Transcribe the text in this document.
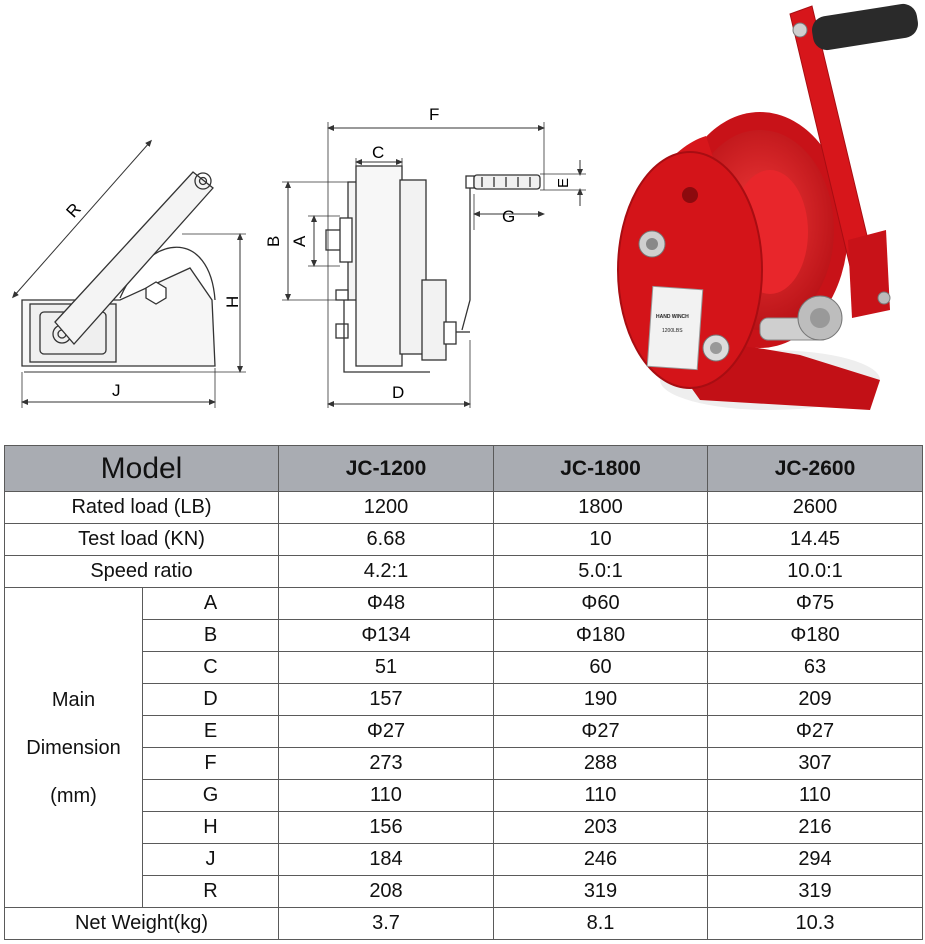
R
H
J
F
C
B A
D
G
E
HAND WINCH
1200LBS
Model		JC-1200	JC-1800	JC-2600
Rated load (LB)		1200	1800	2600
Test load (KN)		6.68	10	14.45
Speed ratio		4.2:1	5.0:1	10.0:1

Main
Dimension
(mm)	A	Φ48	Φ60	Φ75
	B	Φ134	Φ180	Φ180
	C	51	60	63
	D	157	190	209
	E	Φ27	Φ27	Φ27
	F	273	288	307
	G	110	110	110
	H	156	203	216
	J	184	246	294
	R	208	319	319
Net Weight(kg)		3.7	8.1	10.3
